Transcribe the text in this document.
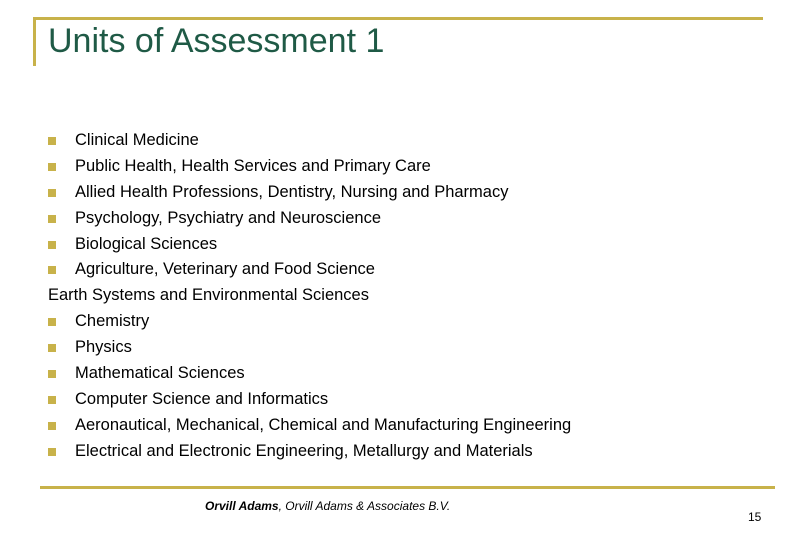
Units of Assessment 1
Clinical Medicine
Public Health, Health Services and Primary Care
Allied Health Professions, Dentistry, Nursing and Pharmacy
Psychology, Psychiatry and Neuroscience
Biological Sciences
Agriculture, Veterinary and Food Science
Earth Systems and Environmental Sciences
Chemistry
Physics
Mathematical Sciences
Computer Science and Informatics
Aeronautical, Mechanical, Chemical and Manufacturing Engineering
Electrical and Electronic Engineering, Metallurgy and Materials
Orvill Adams, Orvill Adams & Associates B.V.
15
